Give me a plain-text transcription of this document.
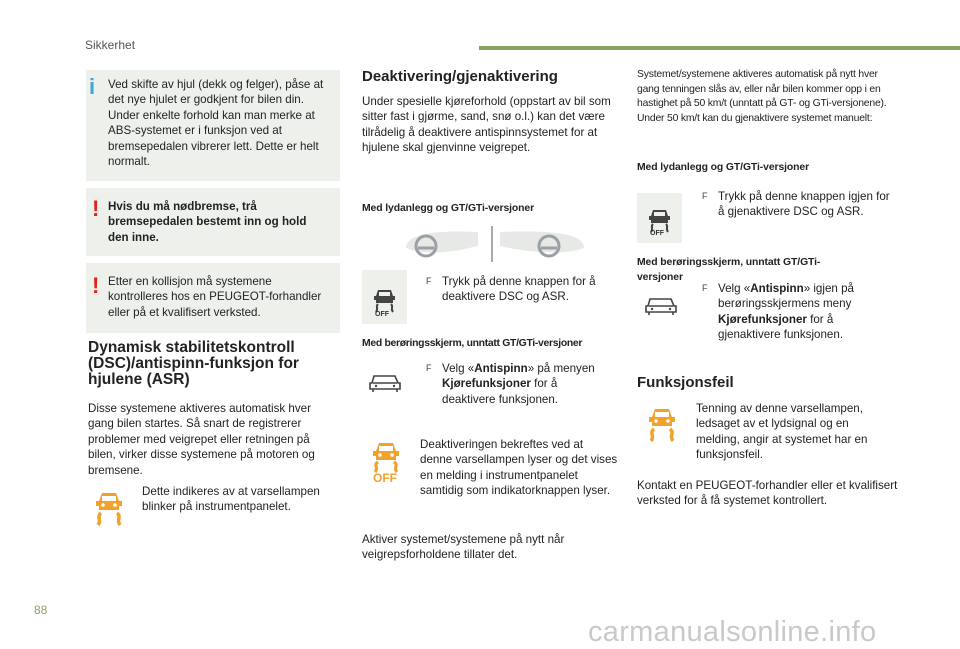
Sikkerhet
i Ved skifte av hjul (dekk og felger), påse at det nye hjulet er godkjent for bilen din. Under enkelte forhold kan man merke at ABS-systemet er i funksjon ved at bremsepedalen vibrerer lett. Dette er helt normalt.
! Hvis du må nødbremse, trå bremsepedalen bestemt inn og hold den inne.
! Etter en kollisjon må systemene kontrolleres hos en PEUGEOT-forhandler eller på et kvalifisert verksted.
Dynamisk stabilitetskontroll (DSC)/antispinn-funksjon for hjulene (ASR)
Disse systemene aktiveres automatisk hver gang bilen startes. Så snart de registrerer problemer med veigrepet eller retningen på bilen, virker disse systemene på motoren og bremsene.
Dette indikeres av at varsellampen blinker på instrumentpanelet.
Deaktivering/gjenaktivering
Under spesielle kjøreforhold (oppstart av bil som sitter fast i gjørme, sand, snø o.l.) kan det være tilrådelig å deaktivere antispinnsystemet for at hjulene skal gjenvinne veigrepet.
Med lydanlegg og GT/GTi-versjoner
OFF
F Trykk på denne knappen for å deaktivere DSC og ASR.
Med berøringsskjerm, unntatt GT/GTi-versjoner
F Velg «Antispinn» på menyen
Kjørefunksjoner for å deaktivere funksjonen.
OFF
Deaktiveringen bekreftes ved at denne varsellampen lyser og det vises en melding i instrumentpanelet samtidig som indikatorknappen lyser.
Aktiver systemet/systemene på nytt når veigrepsforholdene tillater det.
Systemet/systemene aktiveres automatisk på nytt hver gang tenningen slås av, eller når bilen kommer opp i en hastighet på 50 km/t (unntatt på GT- og GTi-versjonene). Under 50 km/t kan du gjenaktivere systemet manuelt:
Med lydanlegg og GT/GTi-versjoner
OFF
F Trykk på denne knappen igjen for å gjenaktivere DSC og ASR.
Med berøringsskjerm, unntatt GT/GTi-versjoner
F Velg «Antispinn» igjen på berøringsskjermens meny Kjørefunksjoner for å gjenaktivere funksjonen.
Funksjonsfeil
Tenning av denne varsellampen, ledsaget av et lydsignal og en melding, angir at systemet har en funksjonsfeil.
Kontakt en PEUGEOT-forhandler eller et kvalifisert verksted for å få systemet kontrollert.
88
carmanualsonline.info
